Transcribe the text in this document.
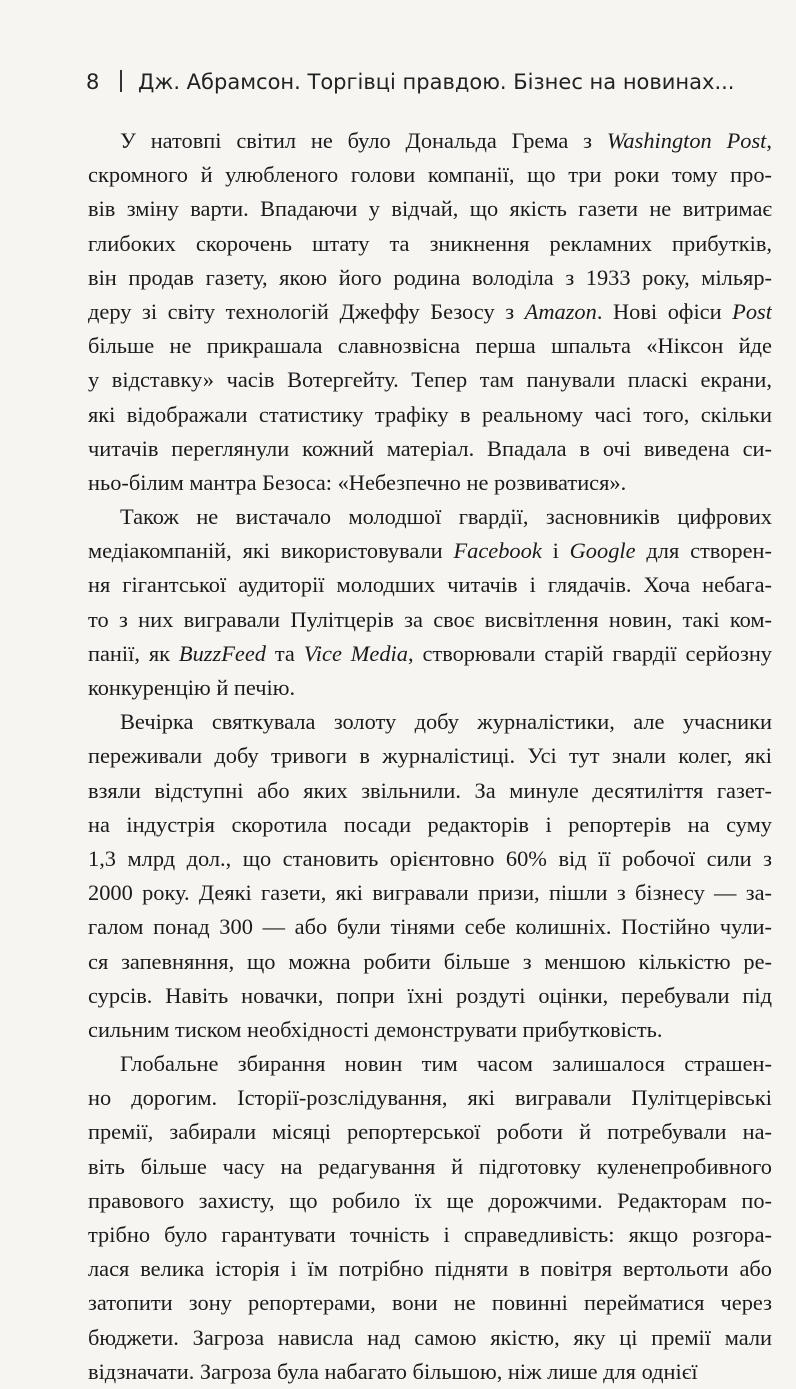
8 Дж. Абрамсон. Торгівці правдою. Бізнес на новинах...
У натовпі світил не було Дональда Грема з Washington Post,
скромного й улюбленого голови компанії, що три роки тому про-
вів зміну варти. Впадаючи у відчай, що якість газети не витримає
глибоких скорочень штату та зникнення рекламних прибутків,
він продав газету, якою його родина володіла з 1933 року, мільяр-
деру зі світу технологій Джеффу Безосу з Amazon. Нові офіси Post
більше не прикрашала славнозвісна перша шпальта «Ніксон йде
у відставку» часів Вотергейту. Тепер там панували пласкі екрани,
які відображали статистику трафіку в реальному часі того, скільки
читачів переглянули кожний матеріал. Впадала в очі виведена си-
ньо-білим мантра Безоса: «Небезпечно не розвиватися».
Також не вистачало молодшої гвардії, засновників цифрових
медіакомпаній, які використовували Facebook і Google для створен-
ня гігантської аудиторії молодших читачів і глядачів. Хоча небага-
то з них вигравали Пулітцерів за своє висвітлення новин, такі ком-
панії, як BuzzFeed та Vice Media, створювали старій гвардії серйозну
конкуренцію й печію.
Вечірка святкувала золоту добу журналістики, але учасники
переживали добу тривоги в журналістиці. Усі тут знали колег, які
взяли відступні або яких звільнили. За минуле десятиліття газет-
на індустрія скоротила посади редакторів і репортерів на суму
1,3 млрд дол., що становить орієнтовно 60% від її робочої сили з
2000 року. Деякі газети, які вигравали призи, пішли з бізнесу — за-
галом понад 300 — або були тінями себе колишніх. Постійно чули-
ся запевняння, що можна робити більше з меншою кількістю ре-
сурсів. Навіть новачки, попри їхні роздуті оцінки, перебували під
сильним тиском необхідності демонструвати прибутковість.
Глобальне збирання новин тим часом залишалося страшен-
но дорогим. Історії-розслідування, які вигравали Пулітцерівські
премії, забирали місяці репортерської роботи й потребували на-
віть більше часу на редагування й підготовку куленепробивного
правового захисту, що робило їх ще дорожчими. Редакторам по-
трібно було гарантувати точність і справедливість: якщо розгора-
лася велика історія і їм потрібно підняти в повітря вертольоти або
затопити зону репортерами, вони не повинні перейматися через
бюджети. Загроза нависла над самою якістю, яку ці премії мали
відзначати. Загроза була набагато більшою, ніж лише для однієї
